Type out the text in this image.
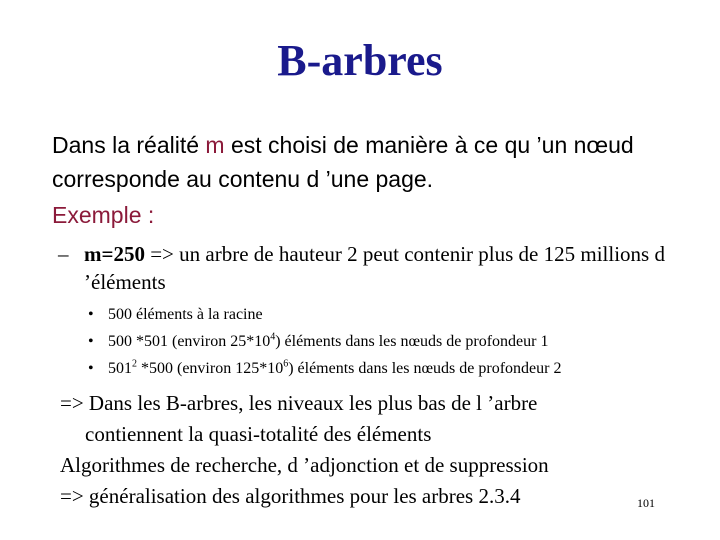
B-arbres
Dans la réalité m est choisi de manière à ce qu ’un nœud corresponde au contenu d ’une page.
Exemple :
– m=250 => un arbre de hauteur 2 peut contenir plus de 125 millions d ’éléments
• 500 éléments à la racine
• 500 *501 (environ $25*10^4$) éléments dans les nœuds de profondeur 1
• $501^2$ *500 (environ $125*10^6$) éléments dans les nœuds de profondeur 2
=> Dans les B-arbres, les niveaux les plus bas de l ’arbre
contiennent la quasi-totalité des éléments
Algorithmes de recherche, d ’adjonction et de suppression
=> généralisation des algorithmes pour les arbres 2.3.4	101
